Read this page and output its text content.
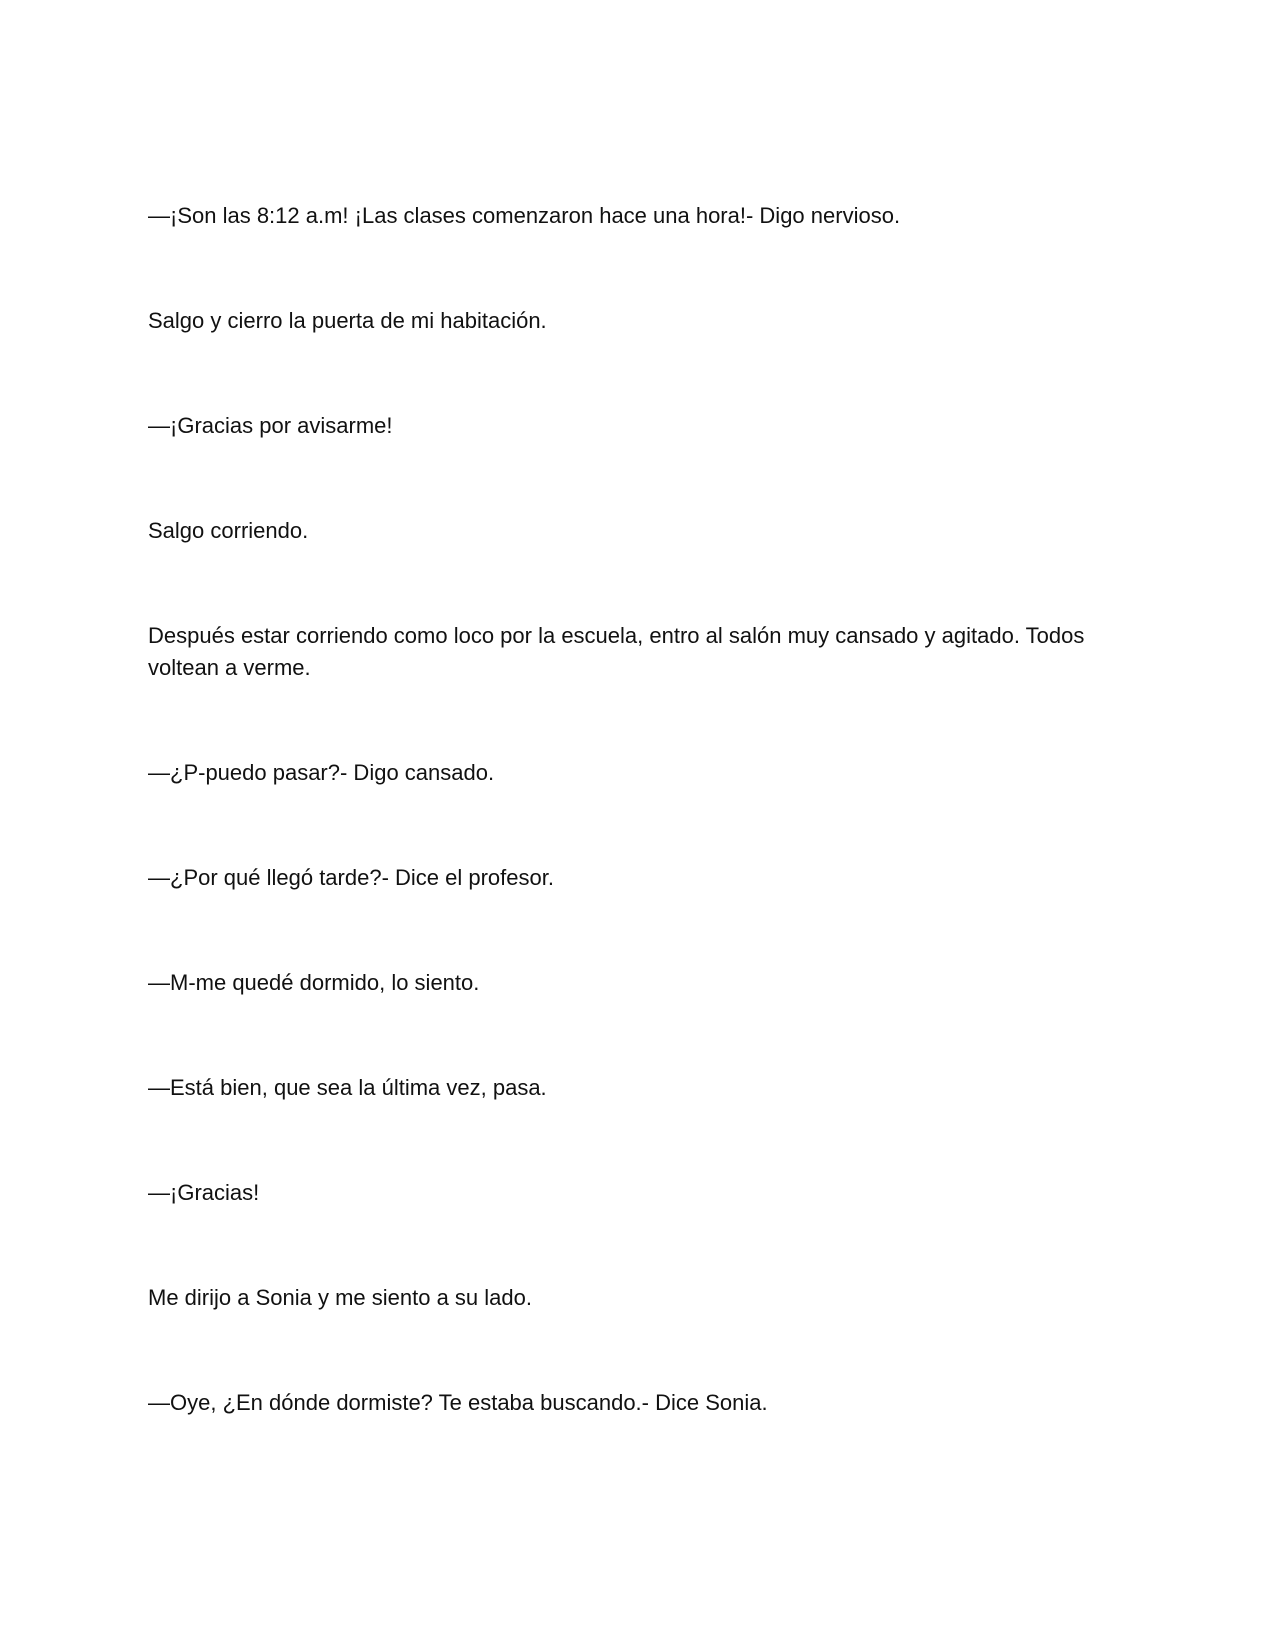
—¡Son las 8:12 a.m! ¡Las clases comenzaron hace una hora!- Digo nervioso.

Salgo y cierro la puerta de mi habitación.

—¡Gracias por avisarme!

Salgo corriendo.

Después estar corriendo como loco por la escuela, entro al salón muy cansado y agitado. Todos voltean a verme.

—¿P-puedo pasar?- Digo cansado.

—¿Por qué llegó tarde?- Dice el profesor.

—M-me quedé dormido, lo siento.

—Está bien, que sea la última vez, pasa.

—¡Gracias!

Me dirijo a Sonia y me siento a su lado.

—Oye, ¿En dónde dormiste? Te estaba buscando.- Dice Sonia.
